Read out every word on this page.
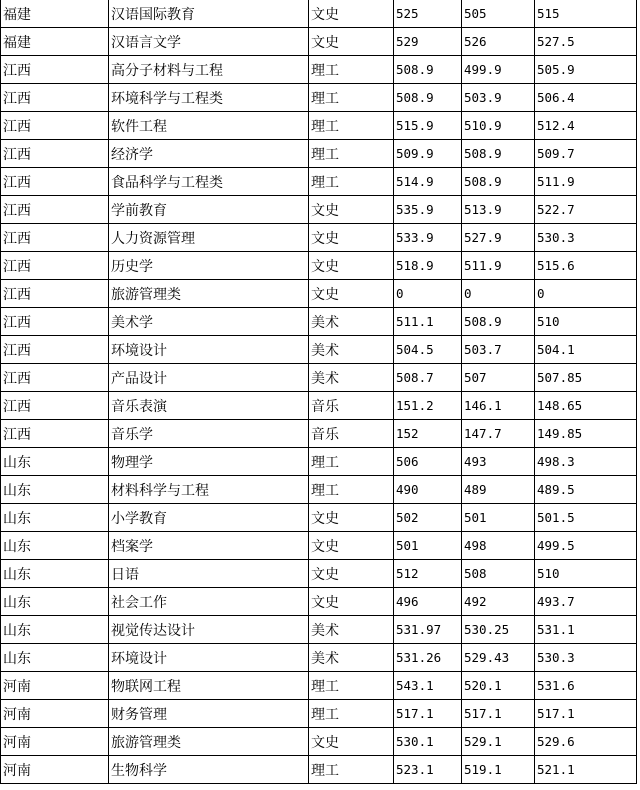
福建	汉语国际教育	文史	525	505	515
福建	汉语言文学	文史	529	526	527.5
江西	高分子材料与工程	理工	508.9	499.9	505.9
江西	环境科学与工程类	理工	508.9	503.9	506.4
江西	软件工程	理工	515.9	510.9	512.4
江西	经济学	理工	509.9	508.9	509.7
江西	食品科学与工程类	理工	514.9	508.9	511.9
江西	学前教育	文史	535.9	513.9	522.7
江西	人力资源管理	文史	533.9	527.9	530.3
江西	历史学	文史	518.9	511.9	515.6
江西	旅游管理类	文史	0	0	0
江西	美术学	美术	511.1	508.9	510
江西	环境设计	美术	504.5	503.7	504.1
江西	产品设计	美术	508.7	507	507.85
江西	音乐表演	音乐	151.2	146.1	148.65
江西	音乐学	音乐	152	147.7	149.85
山东	物理学	理工	506	493	498.3
山东	材料科学与工程	理工	490	489	489.5
山东	小学教育	文史	502	501	501.5
山东	档案学	文史	501	498	499.5
山东	日语	文史	512	508	510
山东	社会工作	文史	496	492	493.7
山东	视觉传达设计	美术	531.97	530.25	531.1
山东	环境设计	美术	531.26	529.43	530.3
河南	物联网工程	理工	543.1	520.1	531.6
河南	财务管理	理工	517.1	517.1	517.1
河南	旅游管理类	文史	530.1	529.1	529.6
河南	生物科学	理工	523.1	519.1	521.1
